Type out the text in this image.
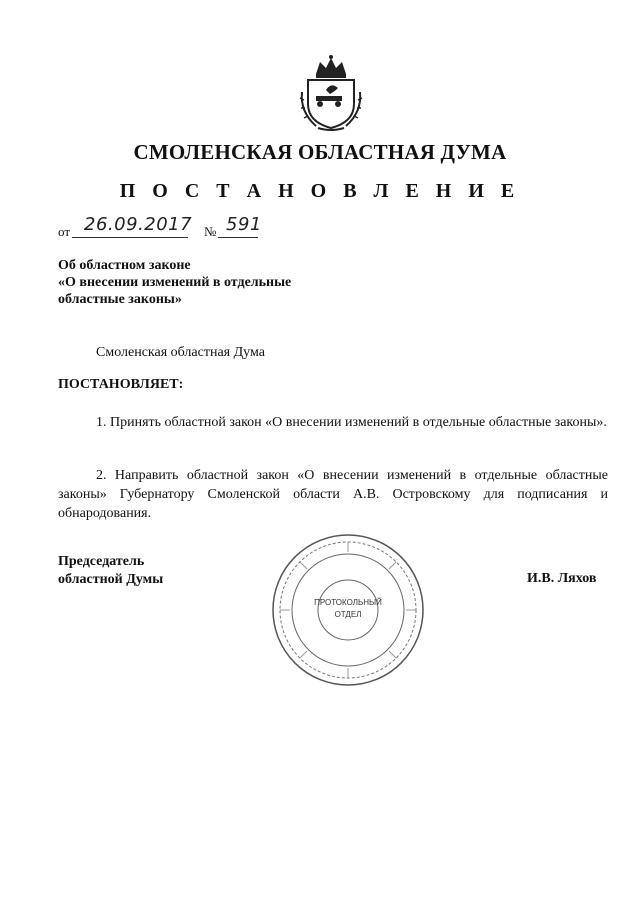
СМОЛЕНСКАЯ ОБЛАСТНАЯ ДУМА
П О С Т А Н О В Л Е Н И Е
от 26.09.2017 № 591
Об областном законе
«О внесении изменений в отдельные
областные законы»
Смоленская областная Дума
ПОСТАНОВЛЯЕТ:
1. Принять областной закон «О внесении изменений в отдельные областные законы».
2. Направить областной закон «О внесении изменений в отдельные областные законы» Губернатору Смоленской области А.В. Островскому для подписания и обнародования.
Председатель
областной Думы
ПРОТОКОЛЬНЫЙ
ОТДЕЛ
И.В. Ляхов
